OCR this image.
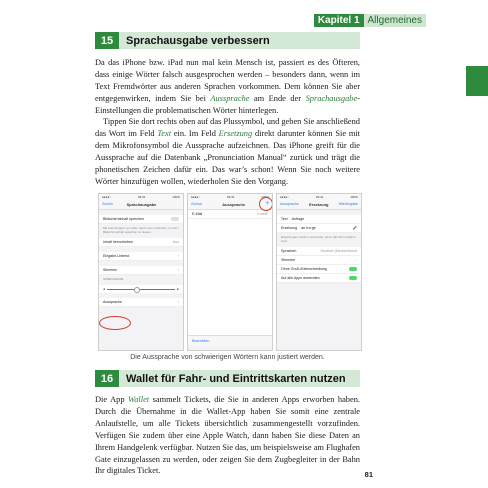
Kapitel 1 Allgemeines
15	Sprachausgabe verbessern

Da das iPhone bzw. iPad nun mal kein Mensch ist, passiert es des Öfteren, dass einige Wörter falsch ausgesprochen werden – besonders dann, wenn im Text Fremdwörter aus anderen Sprachen vorkommen. Dem können Sie aber entgegenwirken, indem Sie bei Aussprache am Ende der Sprachausgabe-Einstellungen die problematischen Wörter hinterlegen.

Tippen Sie dort rechts oben auf das Plussymbol, und geben Sie anschließend das Wort im Feld Text ein. Im Feld Ersetzung direkt darunter können Sie mit dem Mikrofonsymbol die Aussprache aufzeichnen. Das iPhone greift für die Aussprache auf die Datenbank „Pronunciation Manual“ zurück und trägt die phonetischen Zeichen dafür ein. Das war’s schon! Wenn Sie noch weitere Wörter hinzufügen wollen, wiederholen Sie den Vorgang.

●●●●○	09:41	100%
Zurück	Sprachausgabe
Bildschirminhalt sprechen
Mit zwei Fingern von oben nach unten streichen, um den Bildschirminhalt sprechen zu lassen.
Inhalt hervorheben	Aus
Eingabe-Unterst.	›
Stimmen	›
SPRECHRATE
◂	▸
Aussprache	›
●●●●○	09:41	100%
Zurück	Aussprache	+
E-Mail	/iːmeɪl/
Bearbeiten
●●●●○	09:41	100%
Aussprache	Ersetzung	Wiedergabe
Text Anfrage
Ersetzung an·fra·ge	🎤
Ersetzungen werden verwendet, wenn das Wort erkannt wird.
Sprachen	Deutsch (Deutschland)
Stimmen	›
Ohne Groß-/Kleinschreibung
Auf alle Apps anwenden
Die Aussprache von schwierigen Wörtern kann justiert werden.
16	Wallet für Fahr- und Eintrittskarten nutzen

Die App Wallet sammelt Tickets, die Sie in anderen Apps erworben haben. Durch die Übernahme in die Wallet-App haben Sie somit eine zentrale Anlaufstelle, um alle Tickets übersichtlich zusammengestellt vorzufinden. Verfügen Sie zudem über eine Apple Watch, dann haben Sie diese Daten an Ihrem Handgelenk verfügbar. Nutzen Sie das, um beispielsweise am Flughafen Gate einzugelassen zu werden, oder zeigen Sie dem Zugbegleiter in der Bahn Ihr digitales Ticket.	81
